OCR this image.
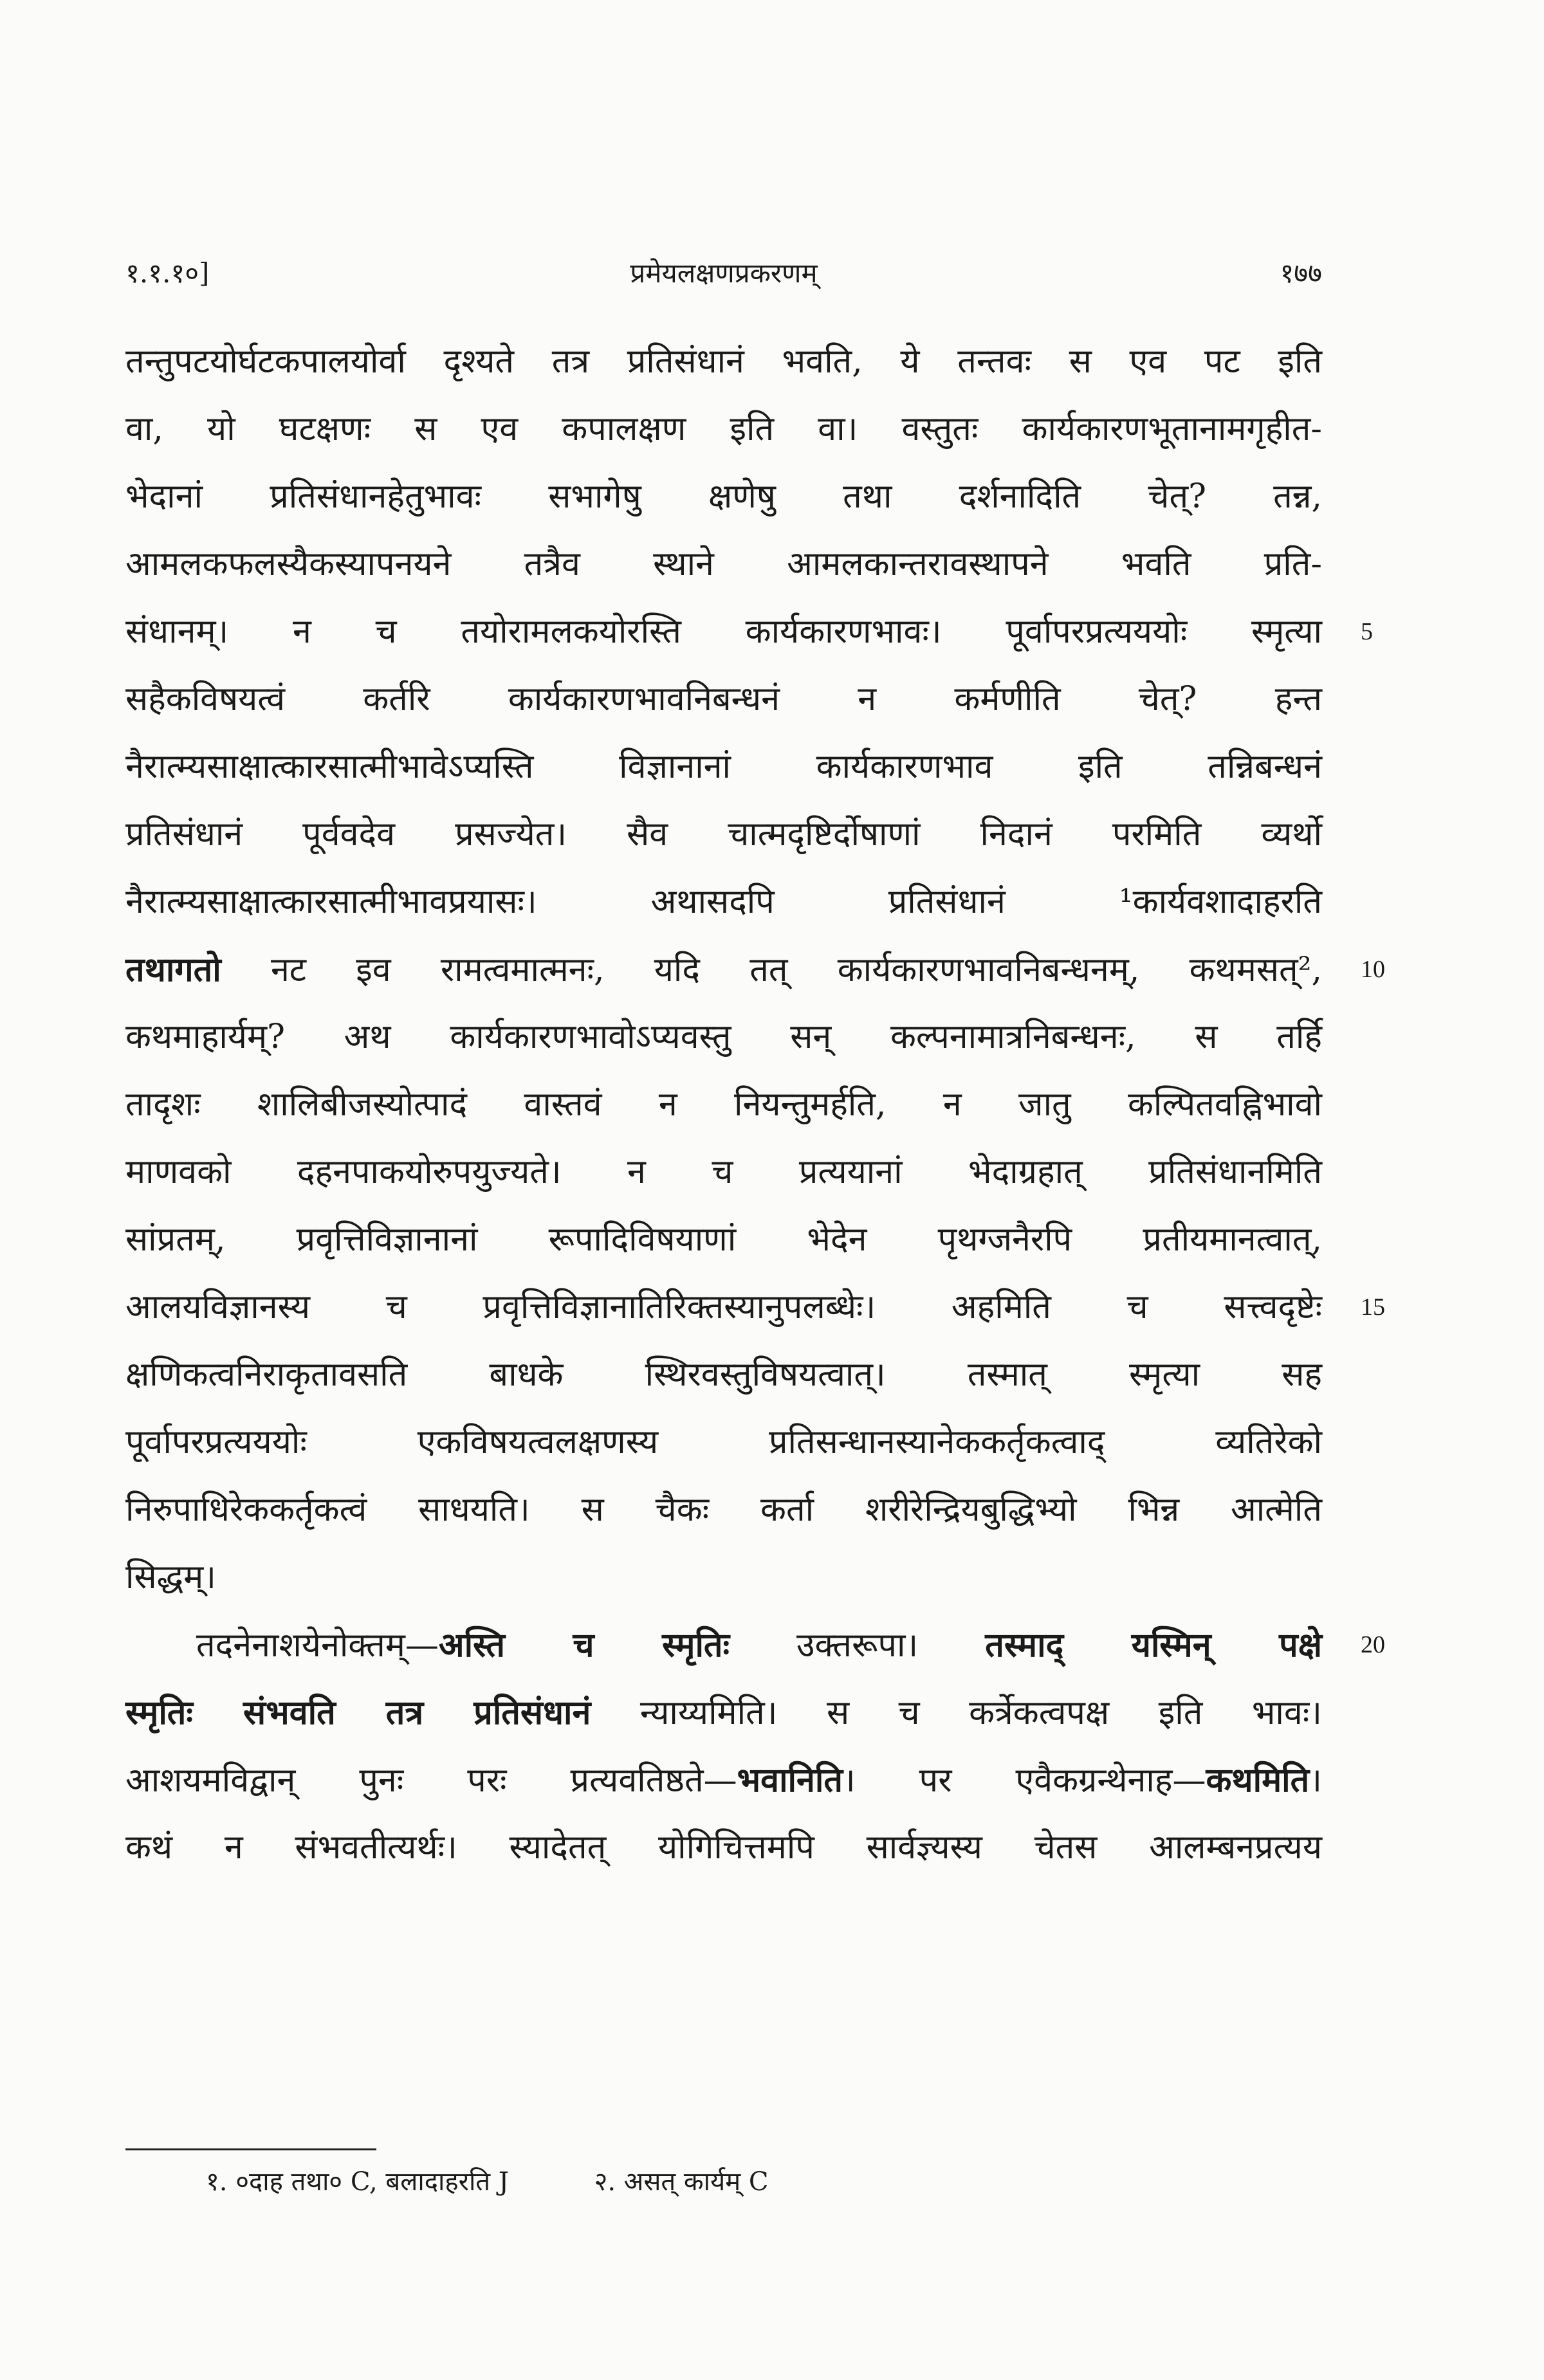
१.१.१०]	प्रमेयलक्षणप्रकरणम्	१७७
तन्तुपटयोर्घटकपालयोर्वा दृश्यते तत्र प्रतिसंधानं भवति, ये तन्तवः स एव पट इति
वा, यो घटक्षणः स एव कपालक्षण इति वा। वस्तुतः कार्यकारणभूतानामगृहीत-
भेदानां प्रतिसंधानहेतुभावः सभागेषु क्षणेषु तथा दर्शनादिति चेत्? तन्न,
आमलकफलस्यैकस्यापनयने तत्रैव स्थाने आमलकान्तरावस्थापने भवति प्रति-
संधानम्। न च तयोरामलकयोरस्ति कार्यकारणभावः। पूर्वापरप्रत्यययोः स्मृत्या 5
सहैकविषयत्वं कर्तरि कार्यकारणभावनिबन्धनं न कर्मणीति चेत्? हन्त
नैरात्म्यसाक्षात्कारसात्मीभावेऽप्यस्ति विज्ञानानां कार्यकारणभाव इति तन्निबन्धनं
प्रतिसंधानं पूर्ववदेव प्रसज्येत। सैव चात्मदृष्टिर्दोषाणां निदानं परमिति व्यर्थो
नैरात्म्यसाक्षात्कारसात्मीभावप्रयासः। अथासदपि प्रतिसंधानं ¹कार्यवशादाहरति
तथागतो नट इव रामत्वमात्मनः, यदि तत् कार्यकारणभावनिबन्धनम्, कथमसत्², 10
कथमाहार्यम्? अथ कार्यकारणभावोऽप्यवस्तु सन् कल्पनामात्रनिबन्धनः, स तर्हि
तादृशः शालिबीजस्योत्पादं वास्तवं न नियन्तुमर्हति, न जातु कल्पितवह्निभावो
माणवको दहनपाकयोरुपयुज्यते। न च प्रत्ययानां भेदाग्रहात् प्रतिसंधानमिति
सांप्रतम्, प्रवृत्तिविज्ञानानां रूपादिविषयाणां भेदेन पृथग्जनैरपि प्रतीयमानत्वात्,
आलयविज्ञानस्य च प्रवृत्तिविज्ञानातिरिक्तस्यानुपलब्धेः। अहमिति च सत्त्वदृष्टेः 15
क्षणिकत्वनिराकृतावसति बाधके स्थिरवस्तुविषयत्वात्। तस्मात् स्मृत्या सह
पूर्वापरप्रत्यययोः एकविषयत्वलक्षणस्य प्रतिसन्धानस्यानेककर्तृकत्वाद् व्यतिरेको
निरुपाधिरेककर्तृकत्वं साधयति। स चैकः कर्ता शरीरेन्द्रियबुद्धिभ्यो भिन्न आत्मेति
सिद्धम्।
तदनेनाशयेनोक्तम्—अस्ति च स्मृतिः उक्तरूपा। तस्माद् यस्मिन् पक्षे 20
स्मृतिः संभवति तत्र प्रतिसंधानं न्याय्यमिति। स च कर्त्रेकत्वपक्ष इति भावः।
आशयमविद्वान् पुनः परः प्रत्यवतिष्ठते—भवानिति। पर एवैकग्रन्थेनाह—कथमिति।
कथं न संभवतीत्यर्थः। स्यादेतत् योगिचित्तमपि सार्वज्ञ्यस्य चेतस आलम्बनप्रत्यय
१. ०दाह तथा० C, बलादाहरति J	२. असत् कार्यम् C
